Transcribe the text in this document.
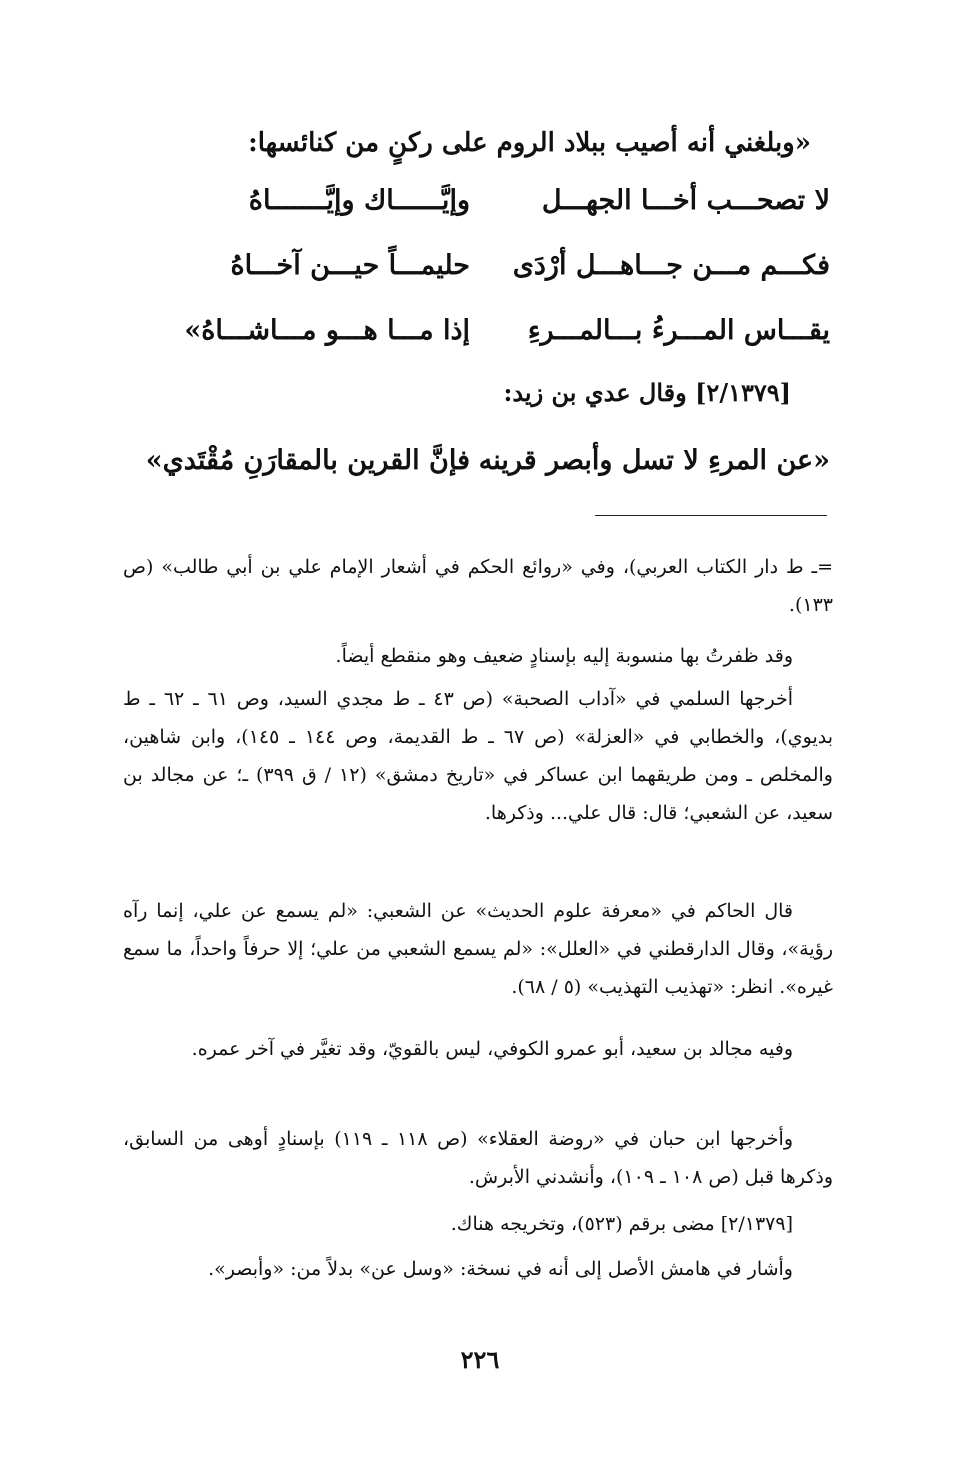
«وبلغني أنه أصيب ببلاد الروم على ركنٍ من كنائسها:
لا تصحـــب أخـــا الجهـــل
وإيَّــــــاك وإيَّـــــــاهُ
فكـــم مـــن جـــاهـــل أرْدَى
حليمـــاً حيـــن آخـــاهُ
يقـــاس المـــرءُ بـــالمـــرءِ
إذا مـــا هـــو مـــاشـــاهُ»
[٢/١٣٧٩] وقال عدي بن زيد:
«عن المرءِ لا تسل وأبصر قرينه
فإنَّ القرين بالمقارَنِ مُقْتَدي»

=ـ ط دار الكتاب العربي)، وفي «روائع الحكم في أشعار الإمام علي بن أبي طالب» (ص ١٣٣).

وقد ظفرتُ بها منسوبة إليه بإسنادٍ ضعيف وهو منقطع أيضاً.

أخرجها السلمي في «آداب الصحبة» (ص ٤٣ ـ ط مجدي السيد، وص ٦١ ـ ٦٢ ـ ط بديوي)، والخطابي في «العزلة» (ص ٦٧ ـ ط القديمة، وص ١٤٤ ـ ١٤٥)، وابن شاهين، والمخلص ـ ومن طريقهما ابن عساكر في «تاريخ دمشق» (١٢ / ق ٣٩٩) ـ؛ عن مجالد بن سعيد، عن الشعبي؛ قال: قال علي... وذكرها.

قال الحاكم في «معرفة علوم الحديث» عن الشعبي: «لم يسمع عن علي، إنما رآه رؤية»، وقال الدارقطني في «العلل»: «لم يسمع الشعبي من علي؛ إلا حرفاً واحداً، ما سمع غيره». انظر: «تهذيب التهذيب» (٥ / ٦٨).

وفيه مجالد بن سعيد، أبو عمرو الكوفي، ليس بالقويّ، وقد تغيَّر في آخر عمره.

وأخرجها ابن حبان في «روضة العقلاء» (ص ١١٨ ـ ١١٩) بإسنادٍ أوهى من السابق، وذكرها قبل (ص ١٠٨ ـ ١٠٩)، وأنشدني الأبرش.

[٢/١٣٧٩] مضى برقم (٥٢٣)، وتخريجه هناك.

وأشار في هامش الأصل إلى أنه في نسخة: «وسل عن» بدلاً من: «وأبصر».

٢٢٦
